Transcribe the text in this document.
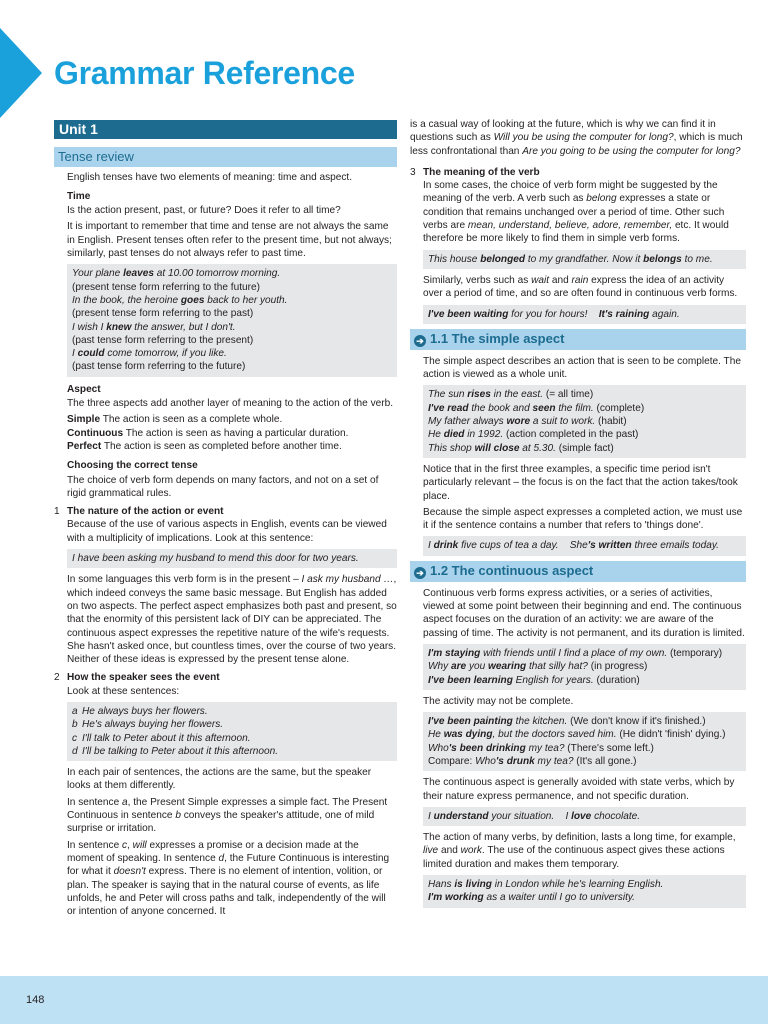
Grammar Reference
Unit 1
Tense review

English tenses have two elements of meaning: time and aspect.

Time

Is the action present, past, or future? Does it refer to all time?

It is important to remember that time and tense are not always the same in English. Present tenses often refer to the present time, but not always; similarly, past tenses do not always refer to past time.

Your plane leaves at 10.00 tomorrow morning.
(present tense form referring to the future)
In the book, the heroine goes back to her youth.
(present tense form referring to the past)
I wish I knew the answer, but I don't.
(past tense form referring to the present)
I could come tomorrow, if you like.
(past tense form referring to the future)
Aspect

The three aspects add another layer of meaning to the action of the verb.

Simple The action is seen as a complete whole.
Continuous The action is seen as having a particular duration.
Perfect The action is seen as completed before another time.
Choosing the correct tense

The choice of verb form depends on many factors, and not on a set of rigid grammatical rules.

1 The nature of the action or event

Because of the use of various aspects in English, events can be viewed with a multiplicity of implications. Look at this sentence:

I have been asking my husband to mend this door for two years.

In some languages this verb form is in the present – I ask my husband …, which indeed conveys the same basic message. But English has added on two aspects. The perfect aspect emphasizes both past and present, so that the enormity of this persistent lack of DIY can be appreciated. The continuous aspect expresses the repetitive nature of the wife's requests. She hasn't asked once, but countless times, over the course of two years. Neither of these ideas is expressed by the present tense alone.

2 How the speaker sees the event

Look at these sentences:

a He always buys her flowers.
b He's always buying her flowers.
c I'll talk to Peter about it this afternoon.
d I'll be talking to Peter about it this afternoon.

In each pair of sentences, the actions are the same, but the speaker looks at them differently.

In sentence a, the Present Simple expresses a simple fact. The Present Continuous in sentence b conveys the speaker's attitude, one of mild surprise or irritation.

In sentence c, will expresses a promise or a decision made at the moment of speaking. In sentence d, the Future Continuous is interesting for what it doesn't express. There is no element of intention, volition, or plan. The speaker is saying that in the natural course of events, as life unfolds, he and Peter will cross paths and talk, independently of the will or intention of anyone concerned. It

is a casual way of looking at the future, which is why we can find it in questions such as Will you be using the computer for long?, which is much less confrontational than Are you going to be using the computer for long?

3 The meaning of the verb

In some cases, the choice of verb form might be suggested by the meaning of the verb. A verb such as belong expresses a state or condition that remains unchanged over a period of time. Other such verbs are mean, understand, believe, adore, remember, etc. It would therefore be more likely to find them in simple verb forms.

This house belonged to my grandfather. Now it belongs to me.

Similarly, verbs such as wait and rain express the idea of an activity over a period of time, and so are often found in continuous verb forms.

I've been waiting for you for hours! It's raining again.
➔ 1.1 The simple aspect

The simple aspect describes an action that is seen to be complete. The action is viewed as a whole unit.

The sun rises in the east. (= all time)
I've read the book and seen the film. (complete)
My father always wore a suit to work. (habit)
He died in 1992. (action completed in the past)
This shop will close at 5.30. (simple fact)

Notice that in the first three examples, a specific time period isn't particularly relevant – the focus is on the fact that the action takes/took place.

Because the simple aspect expresses a completed action, we must use it if the sentence contains a number that refers to 'things done'.

I drink five cups of tea a day. She's written three emails today.
➔ 1.2 The continuous aspect

Continuous verb forms express activities, or a series of activities, viewed at some point between their beginning and end. The continuous aspect focuses on the duration of an activity: we are aware of the passing of time. The activity is not permanent, and its duration is limited.

I'm staying with friends until I find a place of my own. (temporary)
Why are you wearing that silly hat? (in progress)
I've been learning English for years. (duration)

The activity may not be complete.

I've been painting the kitchen. (We don't know if it's finished.)
He was dying, but the doctors saved him. (He didn't 'finish' dying.)
Who's been drinking my tea? (There's some left.)
Compare: Who's drunk my tea? (It's all gone.)

The continuous aspect is generally avoided with state verbs, which by their nature express permanence, and not specific duration.

I understand your situation. I love chocolate.

The action of many verbs, by definition, lasts a long time, for example, live and work. The use of the continuous aspect gives these actions limited duration and makes them temporary.

Hans is living in London while he's learning English.
I'm working as a waiter until I go to university.
148
